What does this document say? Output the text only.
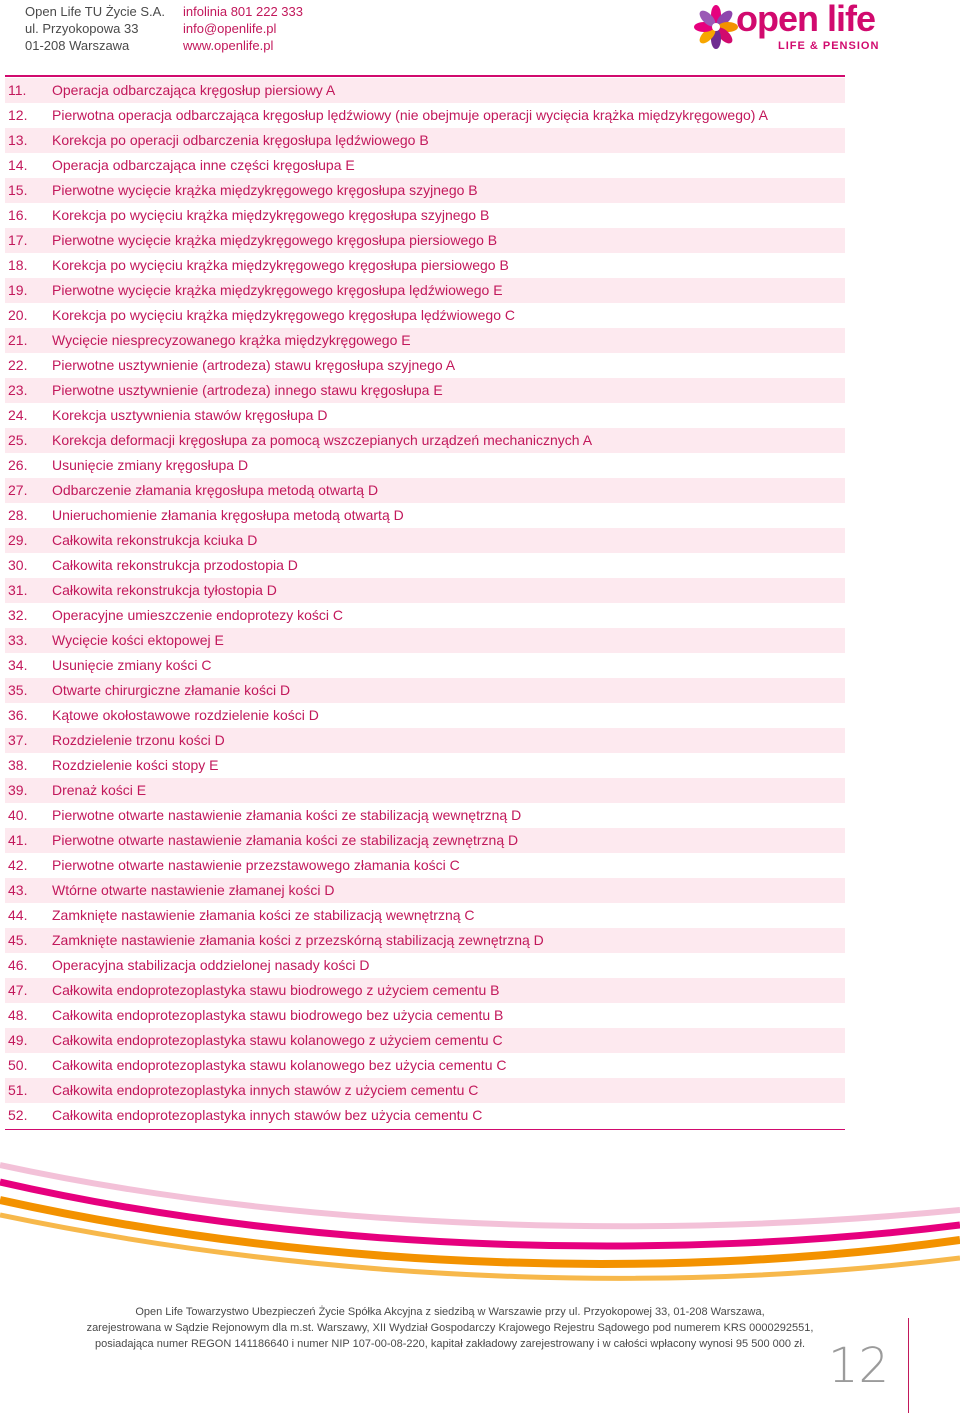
Open Life TU Życie S.A.
ul. Przyokopowa 33
01-208 Warszawa
infolinia 801 222 333
info@openlife.pl
www.openlife.pl
open life
LIFE & PENSION
11. Operacja odbarczająca kręgosłup piersiowy A
12. Pierwotna operacja odbarczająca kręgosłup lędźwiowy (nie obejmuje operacji wycięcia krążka międzykręgowego) A
13. Korekcja po operacji odbarczenia kręgosłupa lędźwiowego B
14. Operacja odbarczająca inne części kręgosłupa E
15. Pierwotne wycięcie krążka międzykręgowego kręgosłupa szyjnego B
16. Korekcja po wycięciu krążka międzykręgowego kręgosłupa szyjnego B
17. Pierwotne wycięcie krążka międzykręgowego kręgosłupa piersiowego B
18. Korekcja po wycięciu krążka międzykręgowego kręgosłupa piersiowego B
19. Pierwotne wycięcie krążka międzykręgowego kręgosłupa lędźwiowego E
20. Korekcja po wycięciu krążka międzykręgowego kręgosłupa lędźwiowego C
21. Wycięcie niesprecyzowanego krążka międzykręgowego E
22. Pierwotne usztywnienie (artrodeza) stawu kręgosłupa szyjnego A
23. Pierwotne usztywnienie (artrodeza) innego stawu kręgosłupa E
24. Korekcja usztywnienia stawów kręgosłupa D
25. Korekcja deformacji kręgosłupa za pomocą wszczepianych urządzeń mechanicznych A
26. Usunięcie zmiany kręgosłupa D
27. Odbarczenie złamania kręgosłupa metodą otwartą D
28. Unieruchomienie złamania kręgosłupa metodą otwartą D
29. Całkowita rekonstrukcja kciuka D
30. Całkowita rekonstrukcja przodostopia D
31. Całkowita rekonstrukcja tyłostopia D
32. Operacyjne umieszczenie endoprotezy kości C
33. Wycięcie kości ektopowej E
34. Usunięcie zmiany kości C
35. Otwarte chirurgiczne złamanie kości D
36. Kątowe okołostawowe rozdzielenie kości D
37. Rozdzielenie trzonu kości D
38. Rozdzielenie kości stopy E
39. Drenaż kości E
40. Pierwotne otwarte nastawienie złamania kości ze stabilizacją wewnętrzną D
41. Pierwotne otwarte nastawienie złamania kości ze stabilizacją zewnętrzną D
42. Pierwotne otwarte nastawienie przezstawowego złamania kości C
43. Wtórne otwarte nastawienie złamanej kości D
44. Zamknięte nastawienie złamania kości ze stabilizacją wewnętrzną C
45. Zamknięte nastawienie złamania kości z przezskórną stabilizacją zewnętrzną D
46. Operacyjna stabilizacja oddzielonej nasady kości D
47. Całkowita endoprotezoplastyka stawu biodrowego z użyciem cementu B
48. Całkowita endoprotezoplastyka stawu biodrowego bez użycia cementu B
49. Całkowita endoprotezoplastyka stawu kolanowego z użyciem cementu C
50. Całkowita endoprotezoplastyka stawu kolanowego bez użycia cementu C
51. Całkowita endoprotezoplastyka innych stawów z użyciem cementu C
52. Całkowita endoprotezoplastyka innych stawów bez użycia cementu C
Open Life Towarzystwo Ubezpieczeń Życie Spółka Akcyjna z siedzibą w Warszawie przy ul. Przyokopowej 33, 01-208 Warszawa,
zarejestrowana w Sądzie Rejonowym dla m.st. Warszawy, XII Wydział Gospodarczy Krajowego Rejestru Sądowego pod numerem KRS 0000292551,
posiadająca numer REGON 141186640 i numer NIP 107-00-08-220, kapitał zakładowy zarejestrowany i w całości wpłacony wynosi 95 500 000 zł. 12
